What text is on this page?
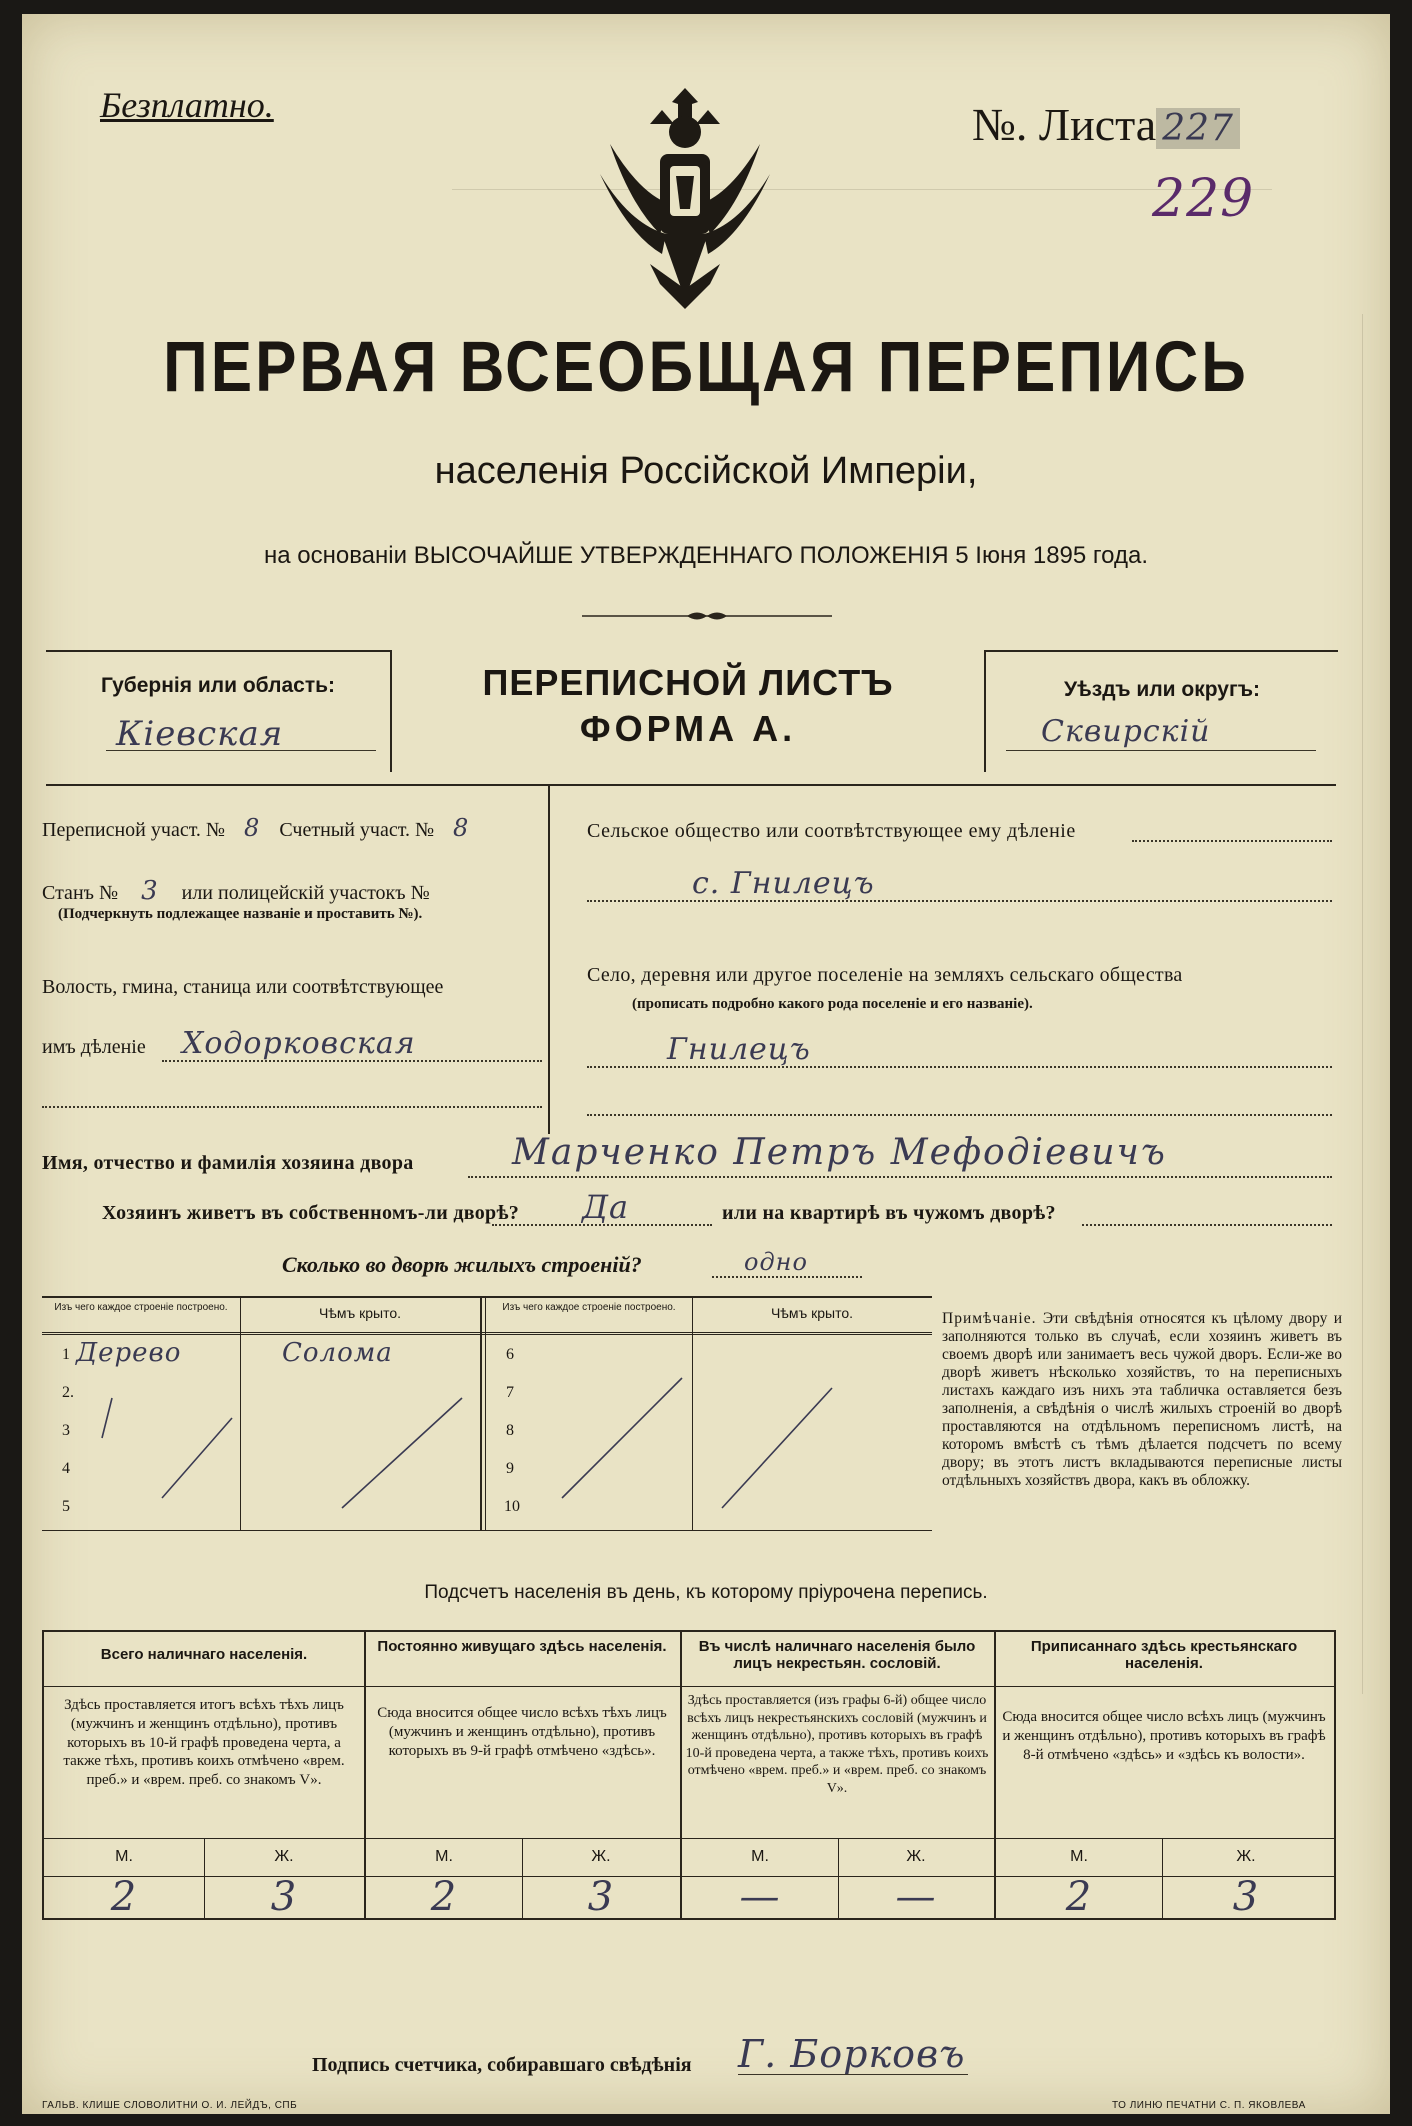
Безплатно.	№. Листа 227
229
ПЕРВАЯ ВСЕОБЩАЯ ПЕРЕПИСЬ
населенія Россійской Имперіи,
на основаніи ВЫСОЧАЙШЕ УТВЕРЖДЕННАГО ПОЛОЖЕНІЯ 5 Іюня 1895 года.
Губернія или область:
Кіевская
ПЕРЕПИСНОЙ ЛИСТЪ
ФОРМА А.
Уѣздъ или округъ:
Сквирскій
Переписной участ. № 8 Счетный участ. № 8
Станъ № 3 или полицейскій участокъ №
(Подчеркнуть подлежащее названіе и проставить №).
Волость, гмина, станица или соотвѣтствующее
имъ дѣленіе Ходорковская
Сельское общество или соотвѣтствующее ему дѣленіе
с. Гнилецъ
Село, деревня или другое поселеніе на земляхъ сельскаго общества
(прописать подробно какого рода поселеніе и его названіе).
Гнилецъ
Имя, отчество и фамилія хозяина двора	Марченко Петръ Мефодіевичъ
Хозяинъ живетъ въ собственномъ-ли дворѣ? Да	или на квартирѣ въ чужомъ дворѣ?
Сколько во дворѣ жилыхъ строеній?	одно
Изъ чего каждое строеніе построено.	Чѣмъ крыто.	Изъ чего каждое строеніе построено.	Чѣмъ крыто.
1 Дерево	Солома
2.
3
4
5
6
7
8
9
10
Примѣчаніе. Эти свѣдѣнія относятся къ цѣлому двору и заполняются только въ случаѣ, если хозяинъ живетъ въ своемъ дворѣ или занимаетъ весь чужой дворъ. Если-же во дворѣ живетъ нѣсколько хозяйствъ, то на переписныхъ листахъ каждаго изъ нихъ эта табличка оставляется безъ заполненія, а свѣдѣнія о числѣ жилыхъ строеній во дворѣ проставляются на отдѣльномъ переписномъ листѣ, на которомъ вмѣстѣ съ тѣмъ дѣлается подсчетъ по всему двору; въ этотъ листъ вкладываются переписные листы отдѣльныхъ хозяйствъ двора, какъ въ обложку.
Подсчетъ населенія въ день, къ которому пріурочена перепись.
Всего наличнаго населенія.
Здѣсь проставляется итогъ всѣхъ тѣхъ лицъ (мужчинъ и женщинъ отдѣльно), противъ которыхъ въ 10-й графѣ проведена черта, а также тѣхъ, противъ коихъ отмѣчено «врем. преб.» и «врем. преб. со знакомъ V».
М.	Ж.
2	3
Постоянно живущаго здѣсь населенія.
Сюда вносится общее число всѣхъ тѣхъ лицъ (мужчинъ и женщинъ отдѣльно), противъ которыхъ въ 9-й графѣ отмѣчено «здѣсь».
М.	Ж.
2	3
Въ числѣ наличнаго населенія было лицъ некрестьян. сословій.
Здѣсь проставляется (изъ графы 6-й) общее число всѣхъ лицъ некрестьянскихъ сословій (мужчинъ и женщинъ отдѣльно), противъ которыхъ въ графѣ 10-й проведена черта, а также тѣхъ, противъ коихъ отмѣчено «врем. преб.» и «врем. преб. со знакомъ V».
М.	Ж.
—	—
Приписаннаго здѣсь крестьянскаго населенія.
Сюда вносится общее число всѣхъ лицъ (мужчинъ и женщинъ отдѣльно), противъ которыхъ въ графѣ 8-й отмѣчено «здѣсь» и «здѣсь къ волости».
М.	Ж.
2	3
Подпись счетчика, собиравшаго свѣдѣнія Г. Борковъ
ГАЛЬВ. КЛИШЕ СЛОВОЛИТНИ О. И. ЛЕЙДЪ, СПБ	ТО ЛИНЮ ПЕЧАТНИ С. П. ЯКОВЛЕВА
